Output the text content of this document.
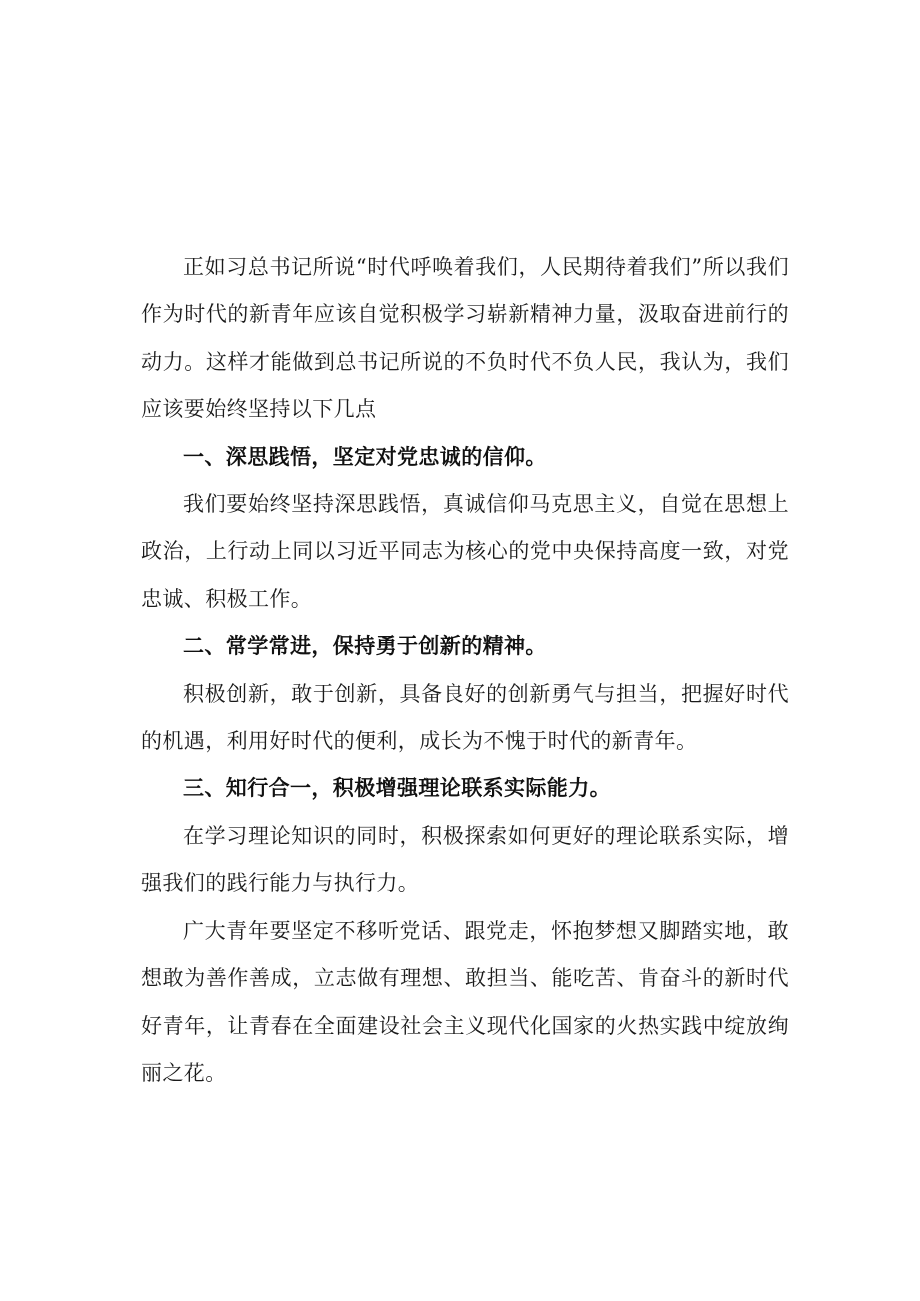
正如习总书记所说“时代呼唤着我们，人民期待着我们”所以我们作为时代的新青年应该自觉积极学习崭新精神力量，汲取奋进前行的动力。这样才能做到总书记所说的不负时代不负人民，我认为，我们应该要始终坚持以下几点

一、深思践悟，坚定对党忠诚的信仰。

我们要始终坚持深思践悟，真诚信仰马克思主义，自觉在思想上政治，上行动上同以习近平同志为核心的党中央保持高度一致，对党忠诚、积极工作。

二、常学常进，保持勇于创新的精神。

积极创新，敢于创新，具备良好的创新勇气与担当，把握好时代的机遇，利用好时代的便利，成长为不愧于时代的新青年。

三、知行合一，积极增强理论联系实际能力。

在学习理论知识的同时，积极探索如何更好的理论联系实际，增强我们的践行能力与执行力。

广大青年要坚定不移听党话、跟党走，怀抱梦想又脚踏实地，敢想敢为善作善成，立志做有理想、敢担当、能吃苦、肯奋斗的新时代好青年，让青春在全面建设社会主义现代化国家的火热实践中绽放绚丽之花。
